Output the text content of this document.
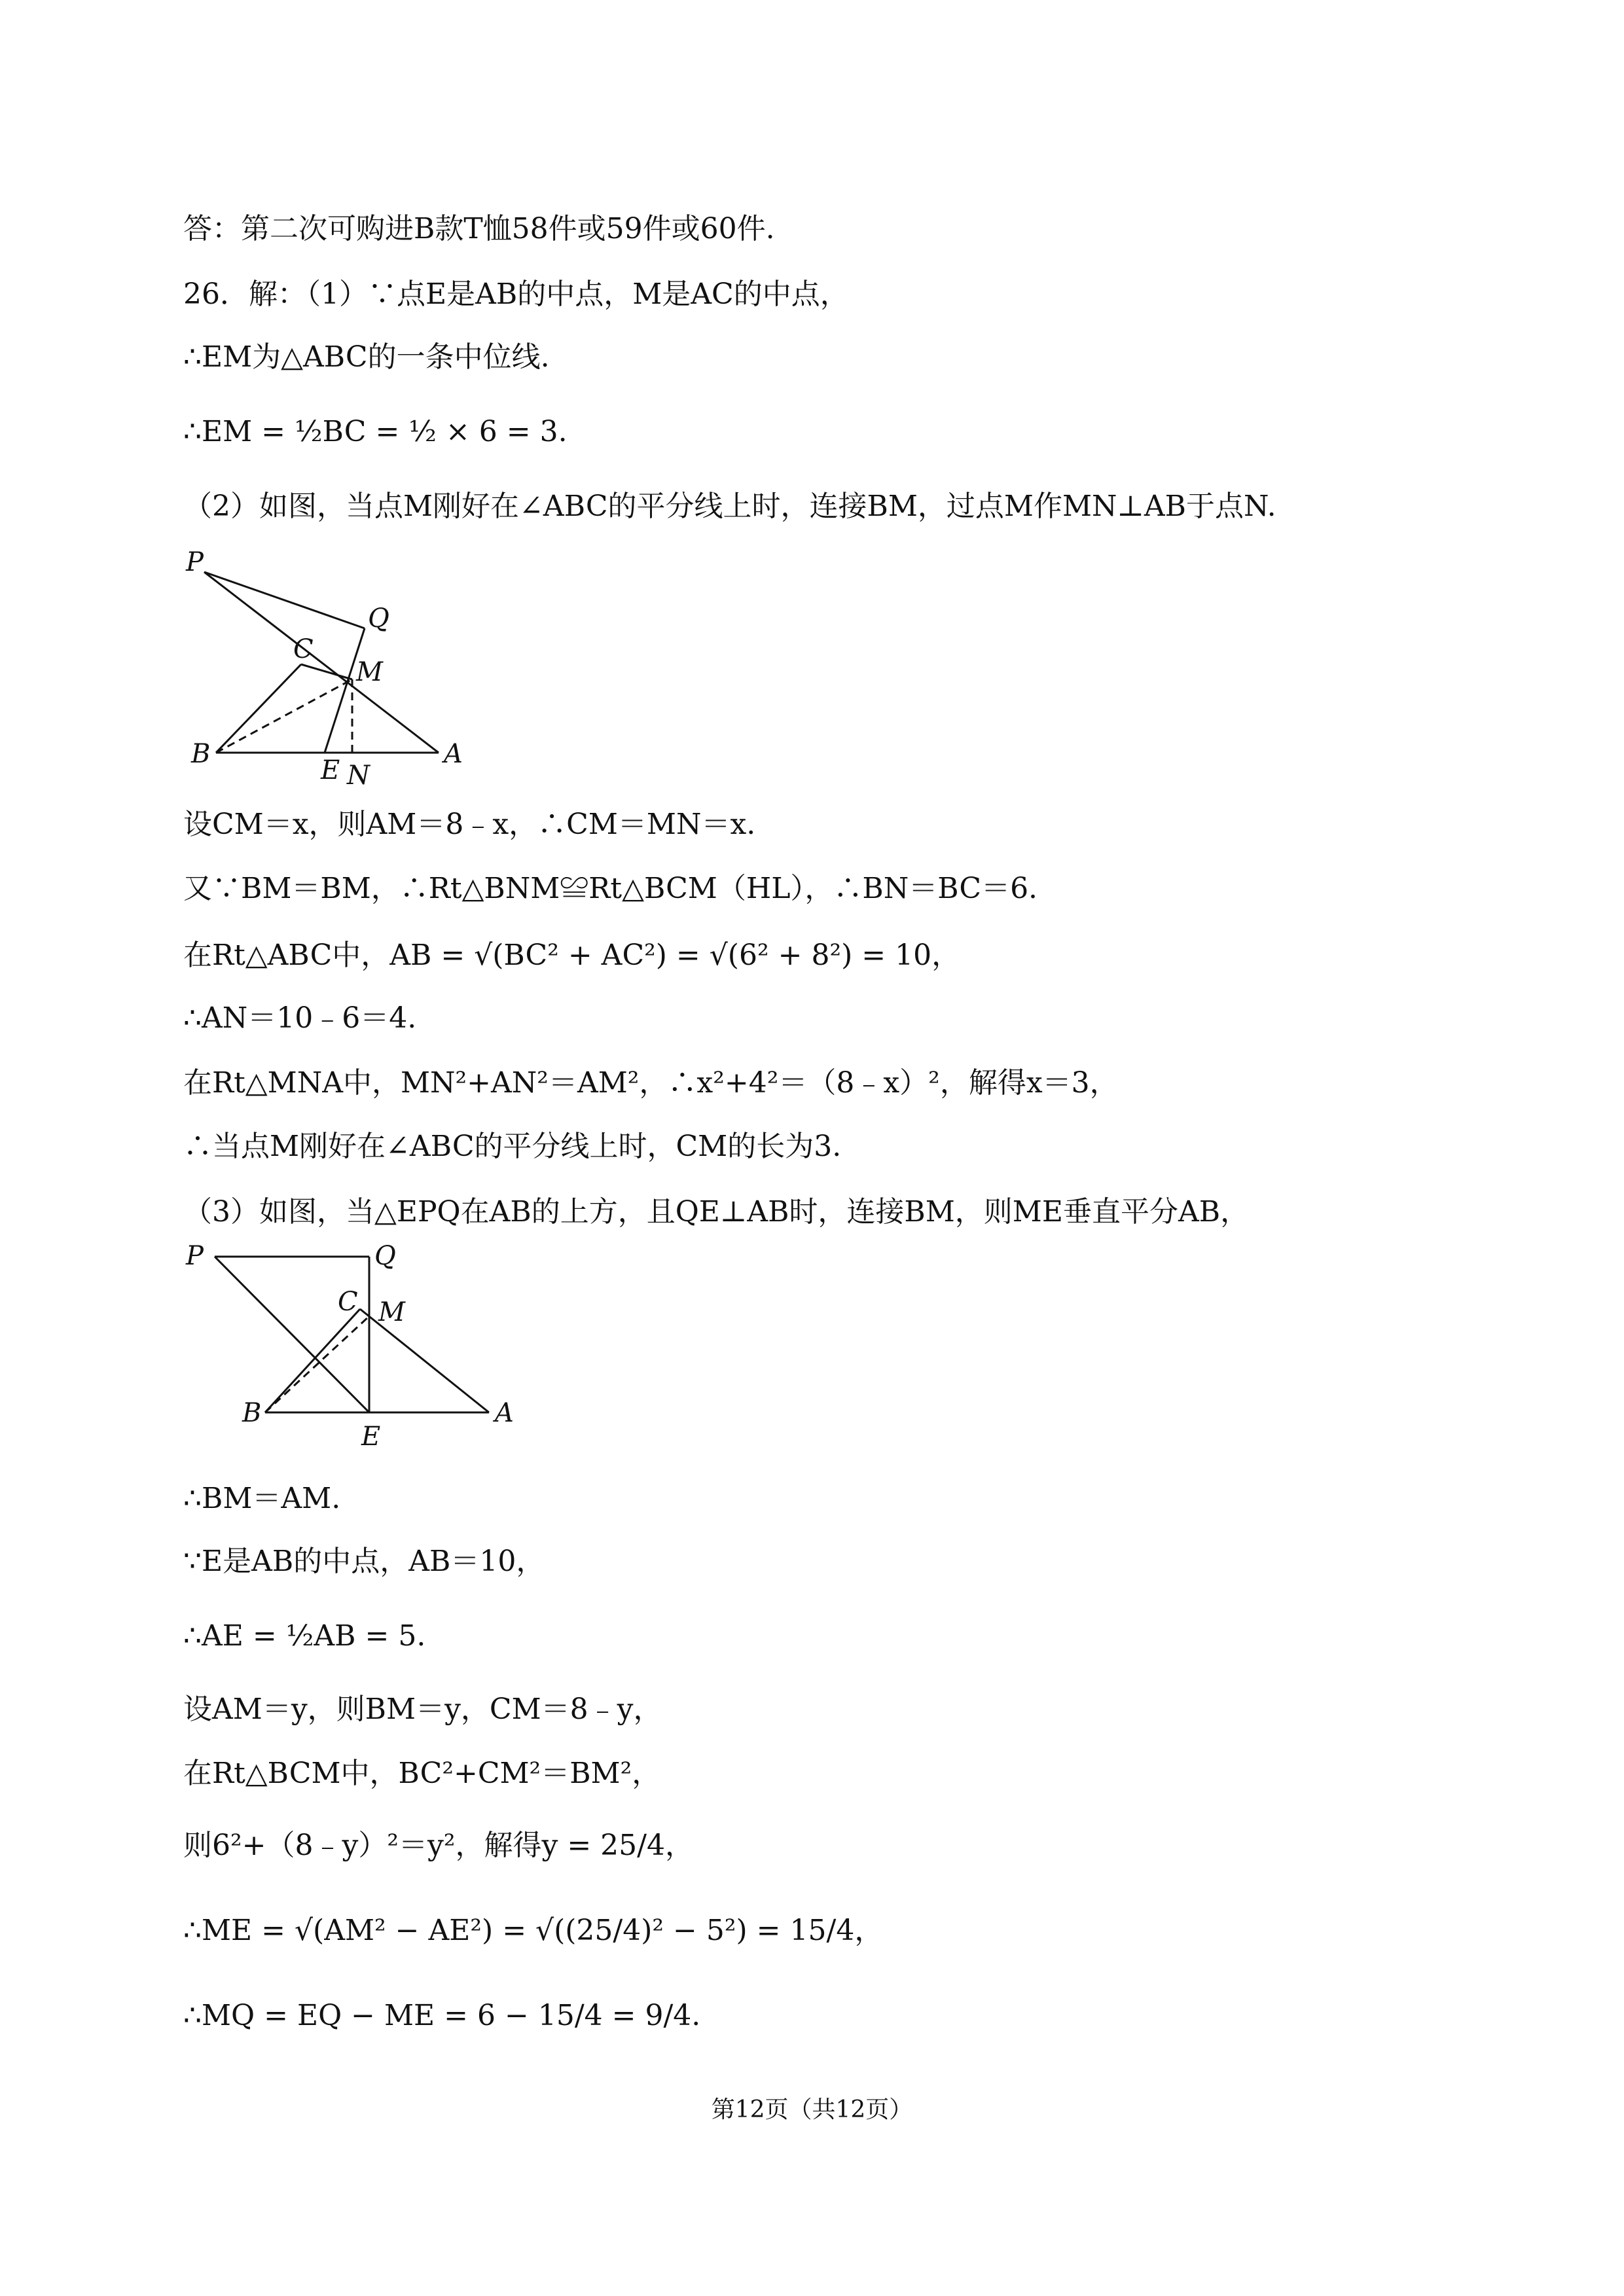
答：第二次可购进B款T恤58件或59件或60件.
26．解：（1）∵点E是AB的中点，M是AC的中点，
∴EM为△ABC的一条中位线.
∴EM = ½BC = ½ × 6 = 3.
（2）如图，当点M刚好在∠ABC的平分线上时，连接BM，过点M作MN⊥AB于点N.
P
Q
C
M
B
E N
A
设CM＝x，则AM＝8﹣x，∴CM＝MN＝x.
又∵BM＝BM，∴Rt△BNM≌Rt△BCM（HL），∴BN＝BC＝6.
在Rt△ABC中，AB = √(BC² + AC²) = √(6² + 8²) = 10，
∴AN＝10﹣6＝4.
在Rt△MNA中，MN²+AN²＝AM²，∴x²+4²＝（8﹣x）²，解得x＝3，
∴当点M刚好在∠ABC的平分线上时，CM的长为3.
（3）如图，当△EPQ在AB的上方，且QE⊥AB时，连接BM，则ME垂直平分AB，
P	Q
C M
B
E
A
∴BM＝AM.
∵E是AB的中点，AB＝10，
∴AE = ½AB = 5.
设AM＝y，则BM＝y，CM＝8﹣y，
在Rt△BCM中，BC²+CM²＝BM²，
则6²+（8﹣y）²＝y²，解得y = 25/4，
∴ME = √(AM² − AE²) = √((25/4)² − 5²) = 15/4，
∴MQ = EQ − ME = 6 − 15/4 = 9/4.
第12页（共12页）
